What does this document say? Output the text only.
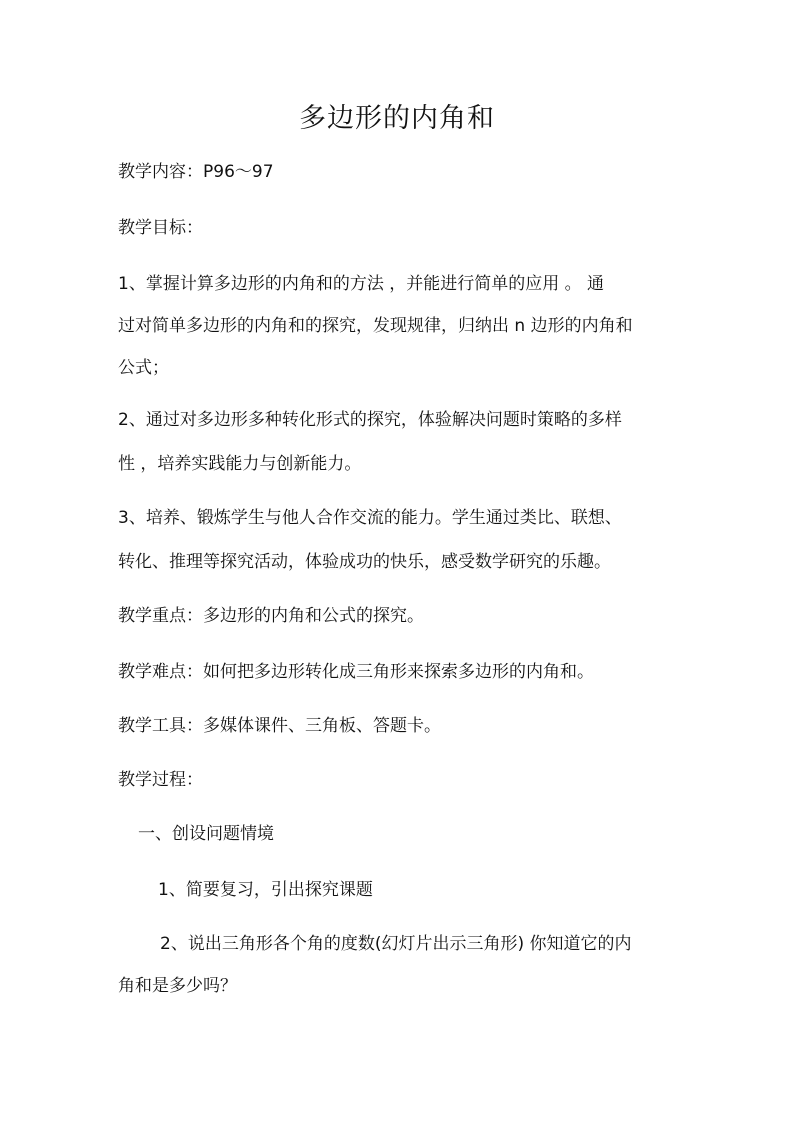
多边形的内角和

教学内容：P96～97

教学目标：

1、掌握计算多边形的内角和的方法 ，并能进行简单的应用 。 通

过对简单多边形的内角和的探究，发现规律，归纳出 n 边形的内角和

公式；

2、通过对多边形多种转化形式的探究，体验解决问题时策略的多样

性 ，培养实践能力与创新能力。

3、培养、锻炼学生与他人合作交流的能力。学生通过类比、联想、

转化、推理等探究活动，体验成功的快乐，感受数学研究的乐趣。

教学重点：多边形的内角和公式的探究。

教学难点：如何把多边形转化成三角形来探索多边形的内角和。

教学工具：多媒体课件、三角板、答题卡。

教学过程：

一、创设问题情境

1、简要复习，引出探究课题

2、说出三角形各个角的度数(幻灯片出示三角形) 你知道它的内

角和是多少吗？
